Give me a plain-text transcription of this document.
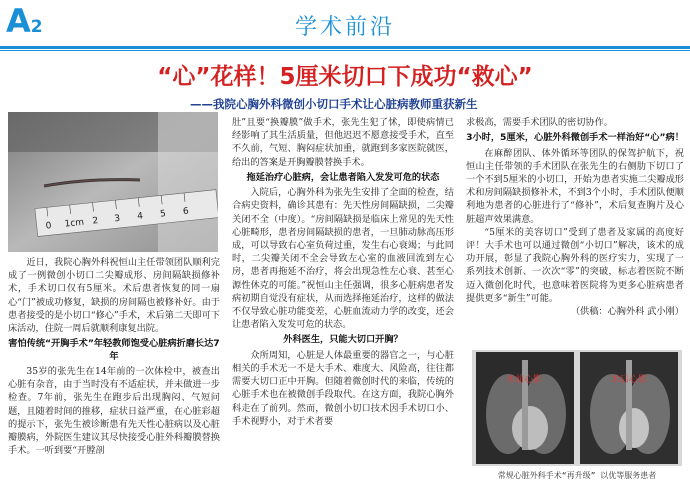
A2	学术前沿
“心”花样！5厘米切口下成功“救心”
——我院心胸外科微创小切口手术让心脏病教师重获新生
0 1cm 2 3 4 5 6

近日，我院心胸外科祝恒山主任带领团队顺利完成了一例微创小切口二尖瓣成形、房间隔缺损修补术，手术切口仅有5厘米。术后患者恢复的同一扇心“门”被成功修复，缺损的房间隔也被修补好。由于患者接受的是小切口“修心”手术，术后第二天即可下床活动，住院一周后就顺利康复出院。

害怕传统“开胸手术”年轻教师饱受心脏病折磨长达7年

35岁的张先生在14年前的一次体检中，被查出心脏有杂音，由于当时没有不适症状，并未做进一步检查。7年前，张先生在跑步后出现胸闷、气短问题，且随着时间的推移，症状日益严重，在心脏彩超的提示下，张先生被诊断患有先天性心脏病以及心脏瓣膜病，外院医生建议其尽快接受心脏外科瓣膜替换手术。一听到要“开膛剖

肚”且要“换瓣膜”做手术，张先生犯了怵，即使病情已经影响了其生活质量，但他迟迟不愿意接受手术，直至不久前，气短、胸闷症状加重，就跑到多家医院就医，给出的答案是开胸瓣膜替换手术。

拖延治疗心脏病，会让患者陷入发发可危的状态

入院后，心胸外科为张先生安排了全面的检查，结合病史资料，确诊其患有：先天性房间隔缺损，二尖瓣关闭不全（中度）。“房间隔缺损是临床上常见的先天性心脏畸形，患者房间隔缺损的患者，一旦肺动脉高压形成，可以导致右心室负荷过重，发生右心衰竭；与此同时，二尖瓣关闭不全会导致左心室的血液回流到左心房，患者再拖延不治疗，将会出现急性左心衰、甚至心源性休克的可能。”祝恒山主任强调，很多心脏病患者发病初期自觉没有症状，从而选择拖延治疗，这样的做法不仅导致心脏功能变差，心脏血流动力学的改变，还会让患者陷入发发可危的状态。

外科医生，只能大切口开胸？

众所周知，心脏是人体最重要的器官之一，与心脏相关的手术无一不是大手术、难度大、风险高，往往都需要大切口正中开胸。但随着微创时代的来临，传统的心脏手术也在被微创手段取代。在这方面，我院心胸外科走在了前列。然而，微创小切口技术因手术切口小、手术视野小，对于术者要

求极高，需要手术团队的密切协作。

3小时，5厘米，心脏外科微创手术一样治好“心”病！

在麻醉团队、体外循环等团队的保驾护航下，祝恒山主任带领的手术团队在张先生的右侧肋下切口了一个不到5厘米的小切口，开始为患者实施二尖瓣成形术和房间隔缺损修补术，不到3个小时，手术团队便顺利地为患者的心脏进行了“修补”，术后复查胸片及心脏超声效果满意。

“5厘米的美容切口”受到了患者及家属的高度好评！大手术也可以通过微创“小切口”解决，该术的成功开展，彰显了我院心胸外科的医疗实力，实现了一系列技术创新、一次次“零”的突破，标志着医院不断迈入微创化时代，也意味着医院将为更多心脏病患者提供更多“新生”可能。

（供稿：心胸外科 武小刚）

术前心影	术后心影
常规心脏外科手术“再升级” 以优等服务患者
